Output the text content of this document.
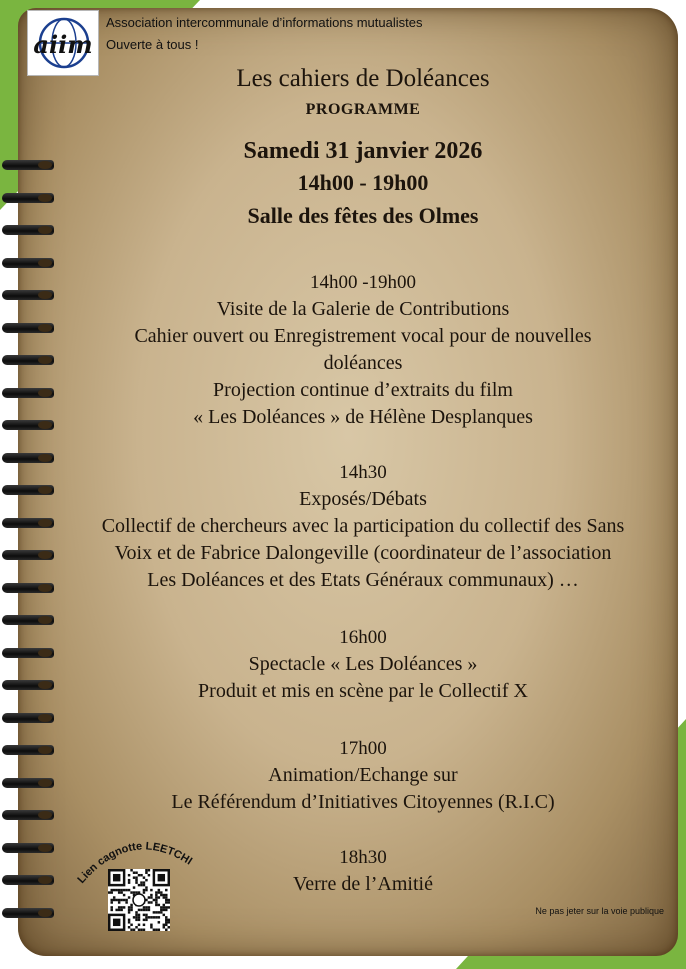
aiim
Association intercommunale d’informations mutualistes
Ouverte à tous !
Les cahiers de Doléances
PROGRAMME
Samedi 31 janvier 2026
14h00 - 19h00
Salle des fêtes des Olmes
14h00 -19h00
Visite de la Galerie de Contributions
Cahier ouvert ou Enregistrement vocal pour de nouvelles
doléances
Projection continue d’extraits du film
« Les Doléances » de Hélène Desplanques
14h30
Exposés/Débats
Collectif de chercheurs avec la participation du collectif des Sans
Voix et de Fabrice Dalongeville (coordinateur de l’association
Les Doléances et des Etats Généraux communaux) …
16h00
Spectacle « Les Doléances »
Produit et mis en scène par le Collectif X
17h00
Animation/Echange sur
Le Référendum d’Initiatives Citoyennes (R.I.C)
18h30
Verre de l’Amitié
Lien cagnotte LEETCHI
Ne pas jeter sur la voie publique
